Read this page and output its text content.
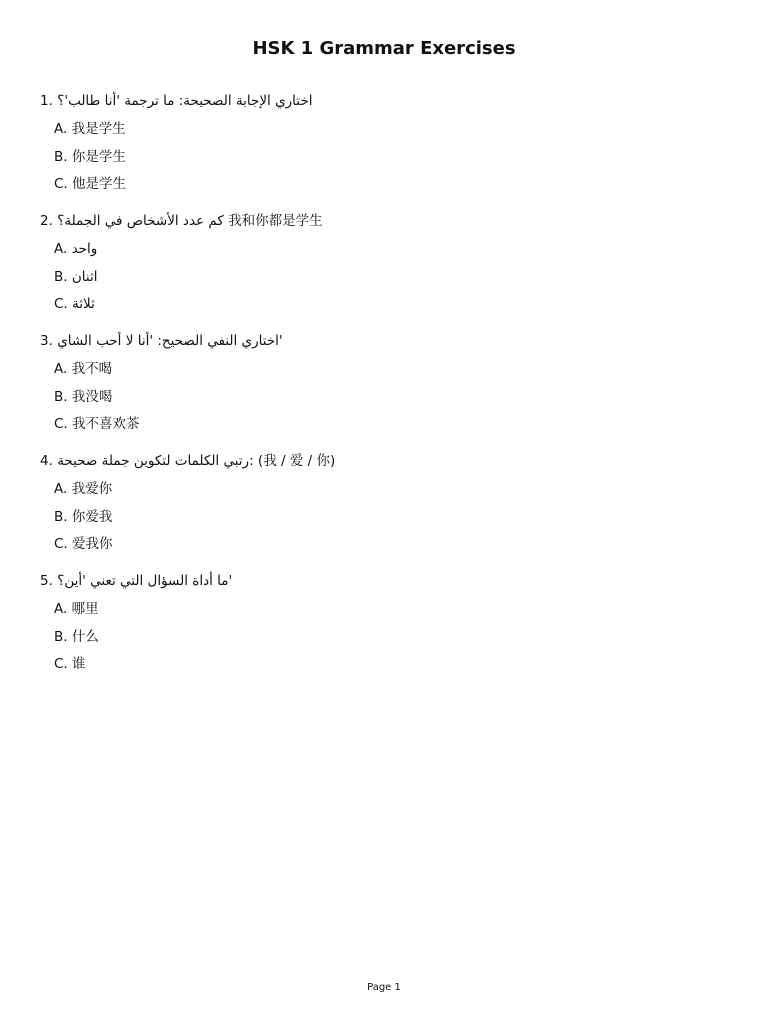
HSK 1 Grammar Exercises
1. اختاري الإجابة الصحيحة: ما ترجمة 'أنا طالب'؟
A. 我是学生
B. 你是学生
C. 他是学生
2. كم عدد الأشخاص في الجملة؟ 我和你都是学生
A. واحد
B. اثنان
C. ثلاثة
3. اختاري النفي الصحيح: 'أنا لا أحب الشاي'
A. 我不喝
B. 我没喝
C. 我不喜欢茶
4. رتبي الكلمات لتكوين جملة صحيحة: (我 / 爱 / 你)
A. 我爱你
B. 你爱我
C. 爱我你
5. ما أداة السؤال التي تعني 'أين؟'
A. 哪里
B. 什么
C. 谁
Page 1
